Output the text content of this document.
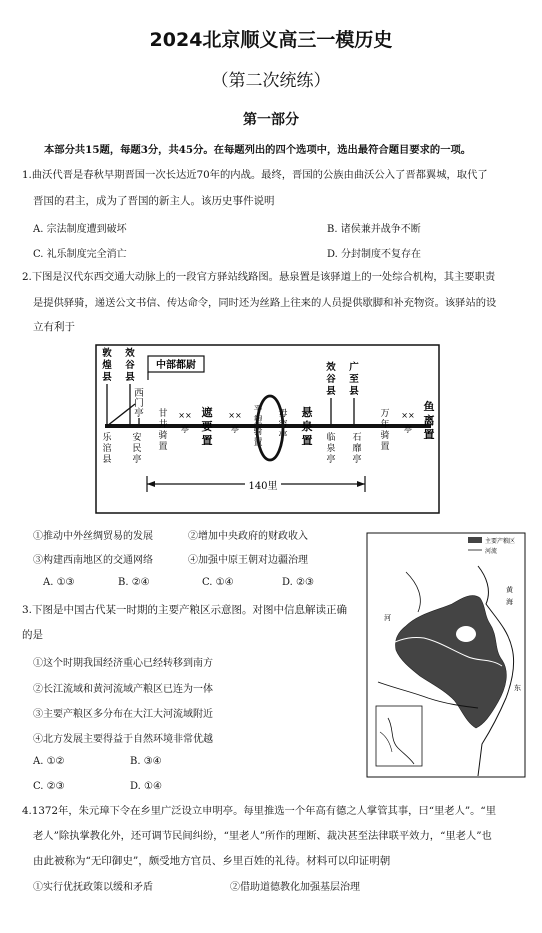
2024北京顺义高三一模历史
（第二次统练）
第一部分
本部分共15题，每题3分，共45分。在每题列出的四个选项中，选出最符合题目要求的一项。
1.曲沃代晋是春秋早期晋国一次长达近70年的内战。最终，晋国的公族由曲沃公入了晋都翼城，取代了
晋国的君主，成为了晋国的新主人。该历史事件说明
A. 宗法制度遭到破坏	B. 诸侯兼并战争不断
C. 礼乐制度完全消亡	D. 分封制度不复存在
2.下图是汉代东西交通大动脉上的一段官方驿站线路图。悬泉置是该驿道上的一处综合机构，其主要职责
是提供驿骑，递送公文书信、传达命令，同时还为丝路上往来的人员提供歇脚和补充物资。该驿站的设
立有利于
敦
煌
县
效
谷
县
西
门
亭
效
谷
县
广
至
县
中部都尉
乐
涫
县
安
民
亭
甘
井
骑
置
遮
要
置
××
亭
平
望
骑
置
毋
穷
亭
悬
泉
置 临
泉
亭
石
靡
亭
万
年
骑
置
××
亭
鱼
离
置
××
亭
140里
①推动中外丝绸贸易的发展	②增加中央政府的财政收入
③构建西南地区的交通网络	④加强中原王朝对边疆治理
A. ①③	B. ②④	C. ①④	D. ②③
3.下图是中国古代某一时期的主要产粮区示意图。对图中信息解读正确
的是
①这个时期我国经济重心已经转移到南方
②长江流域和黄河流域产粮区已连为一体
③主要产粮区多分布在大江大河流域附近
④北方发展主要得益于自然环境非常优越
A. ①②	B. ③④
C. ②③	D. ①④
主要产粮区
河流
河
黄
海
东
4.1372年，朱元璋下令在乡里广泛设立申明亭。每里推选一个年高有德之人掌管其事，曰“里老人”。“里
老人”除执掌教化外，还可调节民间纠纷，“里老人”所作的理断、裁决甚至法律联平效力，“里老人”也
由此被称为“无印御史”，颇受地方官员、乡里百姓的礼待。材料可以印证明朝
①实行优抚政策以缓和矛盾	②借助道德教化加强基层治理
